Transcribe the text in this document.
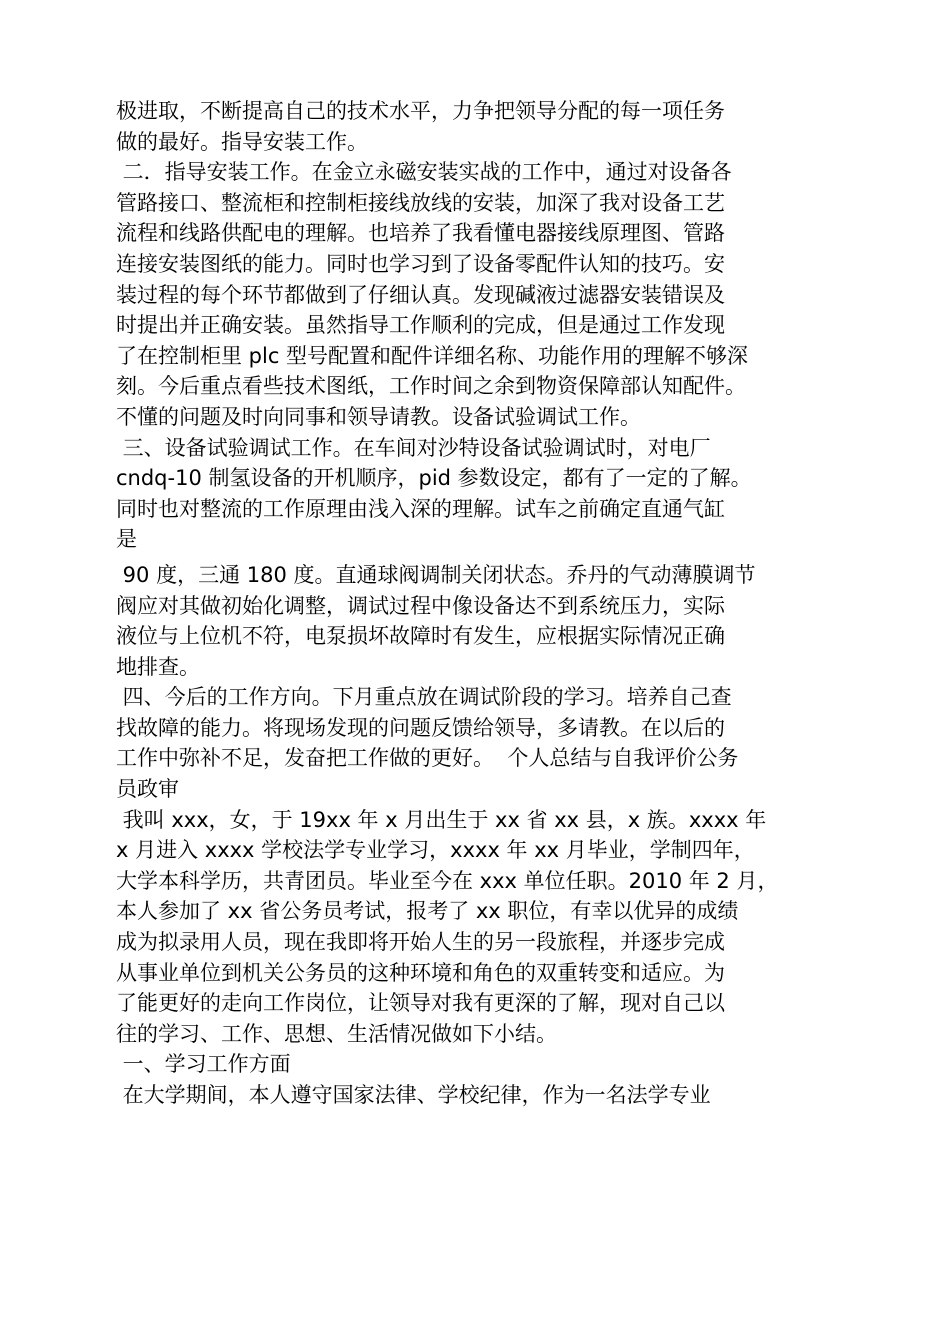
极进取，不断提高自己的技术水平，力争把领导分配的每一项任务
做的最好。指导安装工作。
二．指导安装工作。在金立永磁安装实战的工作中，通过对设备各
管路接口、整流柜和控制柜接线放线的安装，加深了我对设备工艺
流程和线路供配电的理解。也培养了我看懂电器接线原理图、管路
连接安装图纸的能力。同时也学习到了设备零配件认知的技巧。安
装过程的每个环节都做到了仔细认真。发现碱液过滤器安装错误及
时提出并正确安装。虽然指导工作顺利的完成，但是通过工作发现
了在控制柜里 plc 型号配置和配件详细名称、功能作用的理解不够深
刻。今后重点看些技术图纸，工作时间之余到物资保障部认知配件。
不懂的问题及时向同事和领导请教。设备试验调试工作。
三、设备试验调试工作。在车间对沙特设备试验调试时，对电厂
cndq-10 制氢设备的开机顺序，pid 参数设定，都有了一定的了解。
同时也对整流的工作原理由浅入深的理解。试车之前确定直通气缸
是
90 度，三通 180 度。直通球阀调制关闭状态。乔丹的气动薄膜调节
阀应对其做初始化调整，调试过程中像设备达不到系统压力，实际
液位与上位机不符，电泵损坏故障时有发生，应根据实际情况正确
地排查。
四、今后的工作方向。下月重点放在调试阶段的学习。培养自己查
找故障的能力。将现场发现的问题反馈给领导，多请教。在以后的
工作中弥补不足，发奋把工作做的更好。  个人总结与自我评价公务
员政审
我叫 xxx，女，于 19xx 年 x 月出生于 xx 省 xx 县，x 族。xxxx 年
x 月进入 xxxx 学校法学专业学习，xxxx 年 xx 月毕业，学制四年，
大学本科学历，共青团员。毕业至今在 xxx 单位任职。2010 年 2 月，
本人参加了 xx 省公务员考试，报考了 xx 职位，有幸以优异的成绩
成为拟录用人员，现在我即将开始人生的另一段旅程，并逐步完成
从事业单位到机关公务员的这种环境和角色的双重转变和适应。为
了能更好的走向工作岗位，让领导对我有更深的了解，现对自己以
往的学习、工作、思想、生活情况做如下小结。
一、学习工作方面
在大学期间，本人遵守国家法律、学校纪律，作为一名法学专业
